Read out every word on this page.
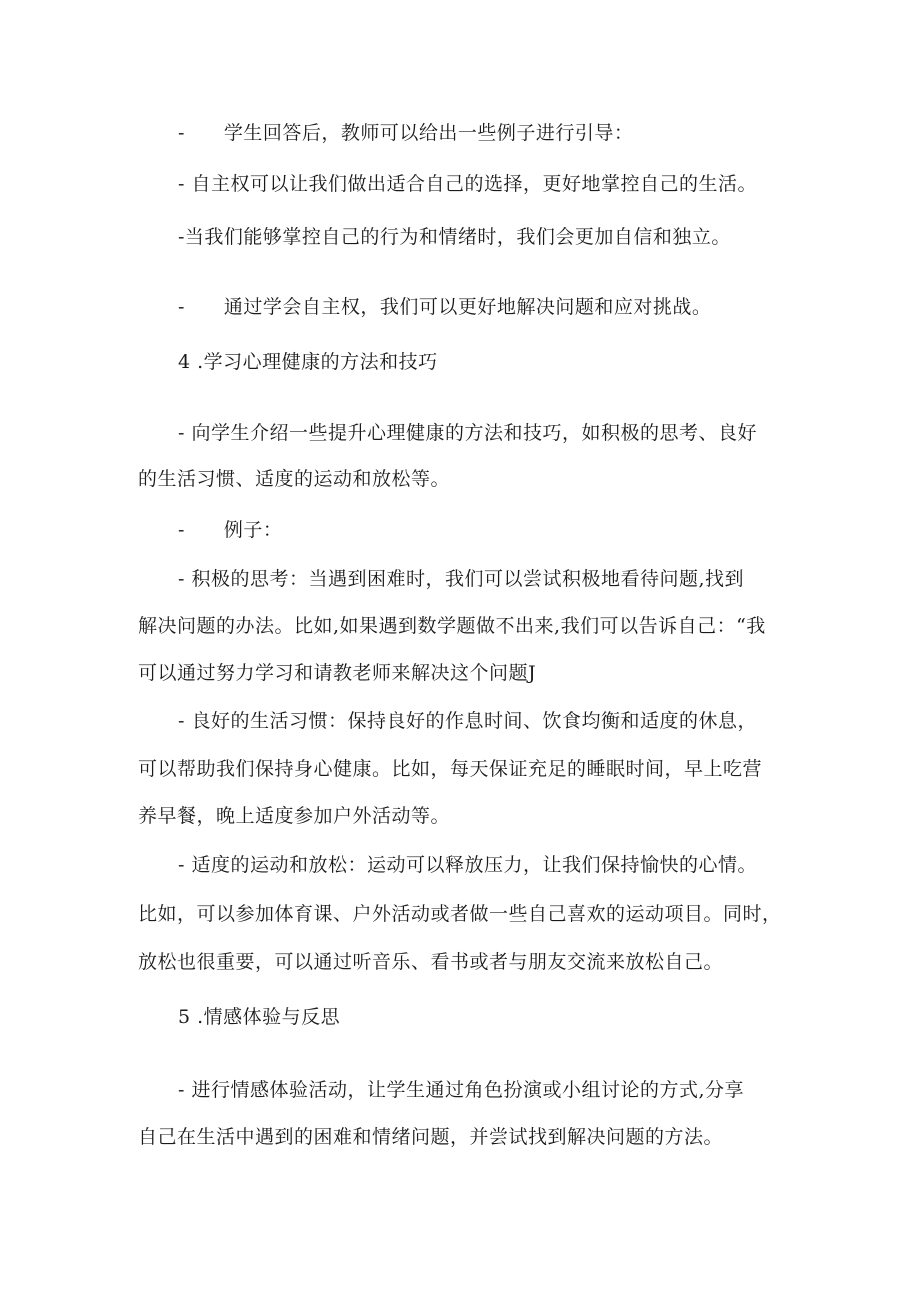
-　　学生回答后，教师可以给出一些例子进行引导：
- 自主权可以让我们做出适合自己的选择，更好地掌控自己的生活。
-当我们能够掌控自己的行为和情绪时，我们会更加自信和独立。
-　　通过学会自主权，我们可以更好地解决问题和应对挑战。
4 .学习心理健康的方法和技巧
- 向学生介绍一些提升心理健康的方法和技巧，如积极的思考、良好
的生活习惯、适度的运动和放松等。
-　　例子：
- 积极的思考：当遇到困难时，我们可以尝试积极地看待问题,找到
解决问题的办法。比如,如果遇到数学题做不出来,我们可以告诉自己：“我
可以通过努力学习和请教老师来解决这个问题J
- 良好的生活习惯：保持良好的作息时间、饮食均衡和适度的休息，
可以帮助我们保持身心健康。比如，每天保证充足的睡眠时间，早上吃营
养早餐，晚上适度参加户外活动等。
- 适度的运动和放松：运动可以释放压力，让我们保持愉快的心情。
比如，可以参加体育课、户外活动或者做一些自己喜欢的运动项目。同时，
放松也很重要，可以通过听音乐、看书或者与朋友交流来放松自己。
5 .情感体验与反思
- 进行情感体验活动，让学生通过角色扮演或小组讨论的方式,分享
自己在生活中遇到的困难和情绪问题，并尝试找到解决问题的方法。
